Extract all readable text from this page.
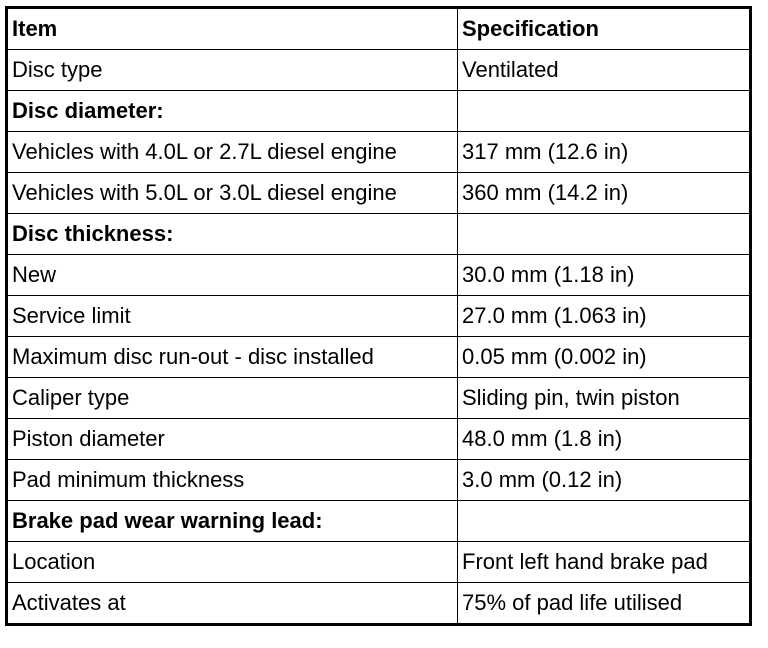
Item	Specification
Disc type	Ventilated
Disc diameter:	
Vehicles with 4.0L or 2.7L diesel engine	317 mm (12.6 in)
Vehicles with 5.0L or 3.0L diesel engine	360 mm (14.2 in)
Disc thickness:	
New	30.0 mm (1.18 in)
Service limit	27.0 mm (1.063 in)
Maximum disc run-out - disc installed	0.05 mm (0.002 in)
Caliper type	Sliding pin, twin piston
Piston diameter	48.0 mm (1.8 in)
Pad minimum thickness	3.0 mm (0.12 in)
Brake pad wear warning lead:	
Location	Front left hand brake pad
Activates at	75% of pad life utilised
